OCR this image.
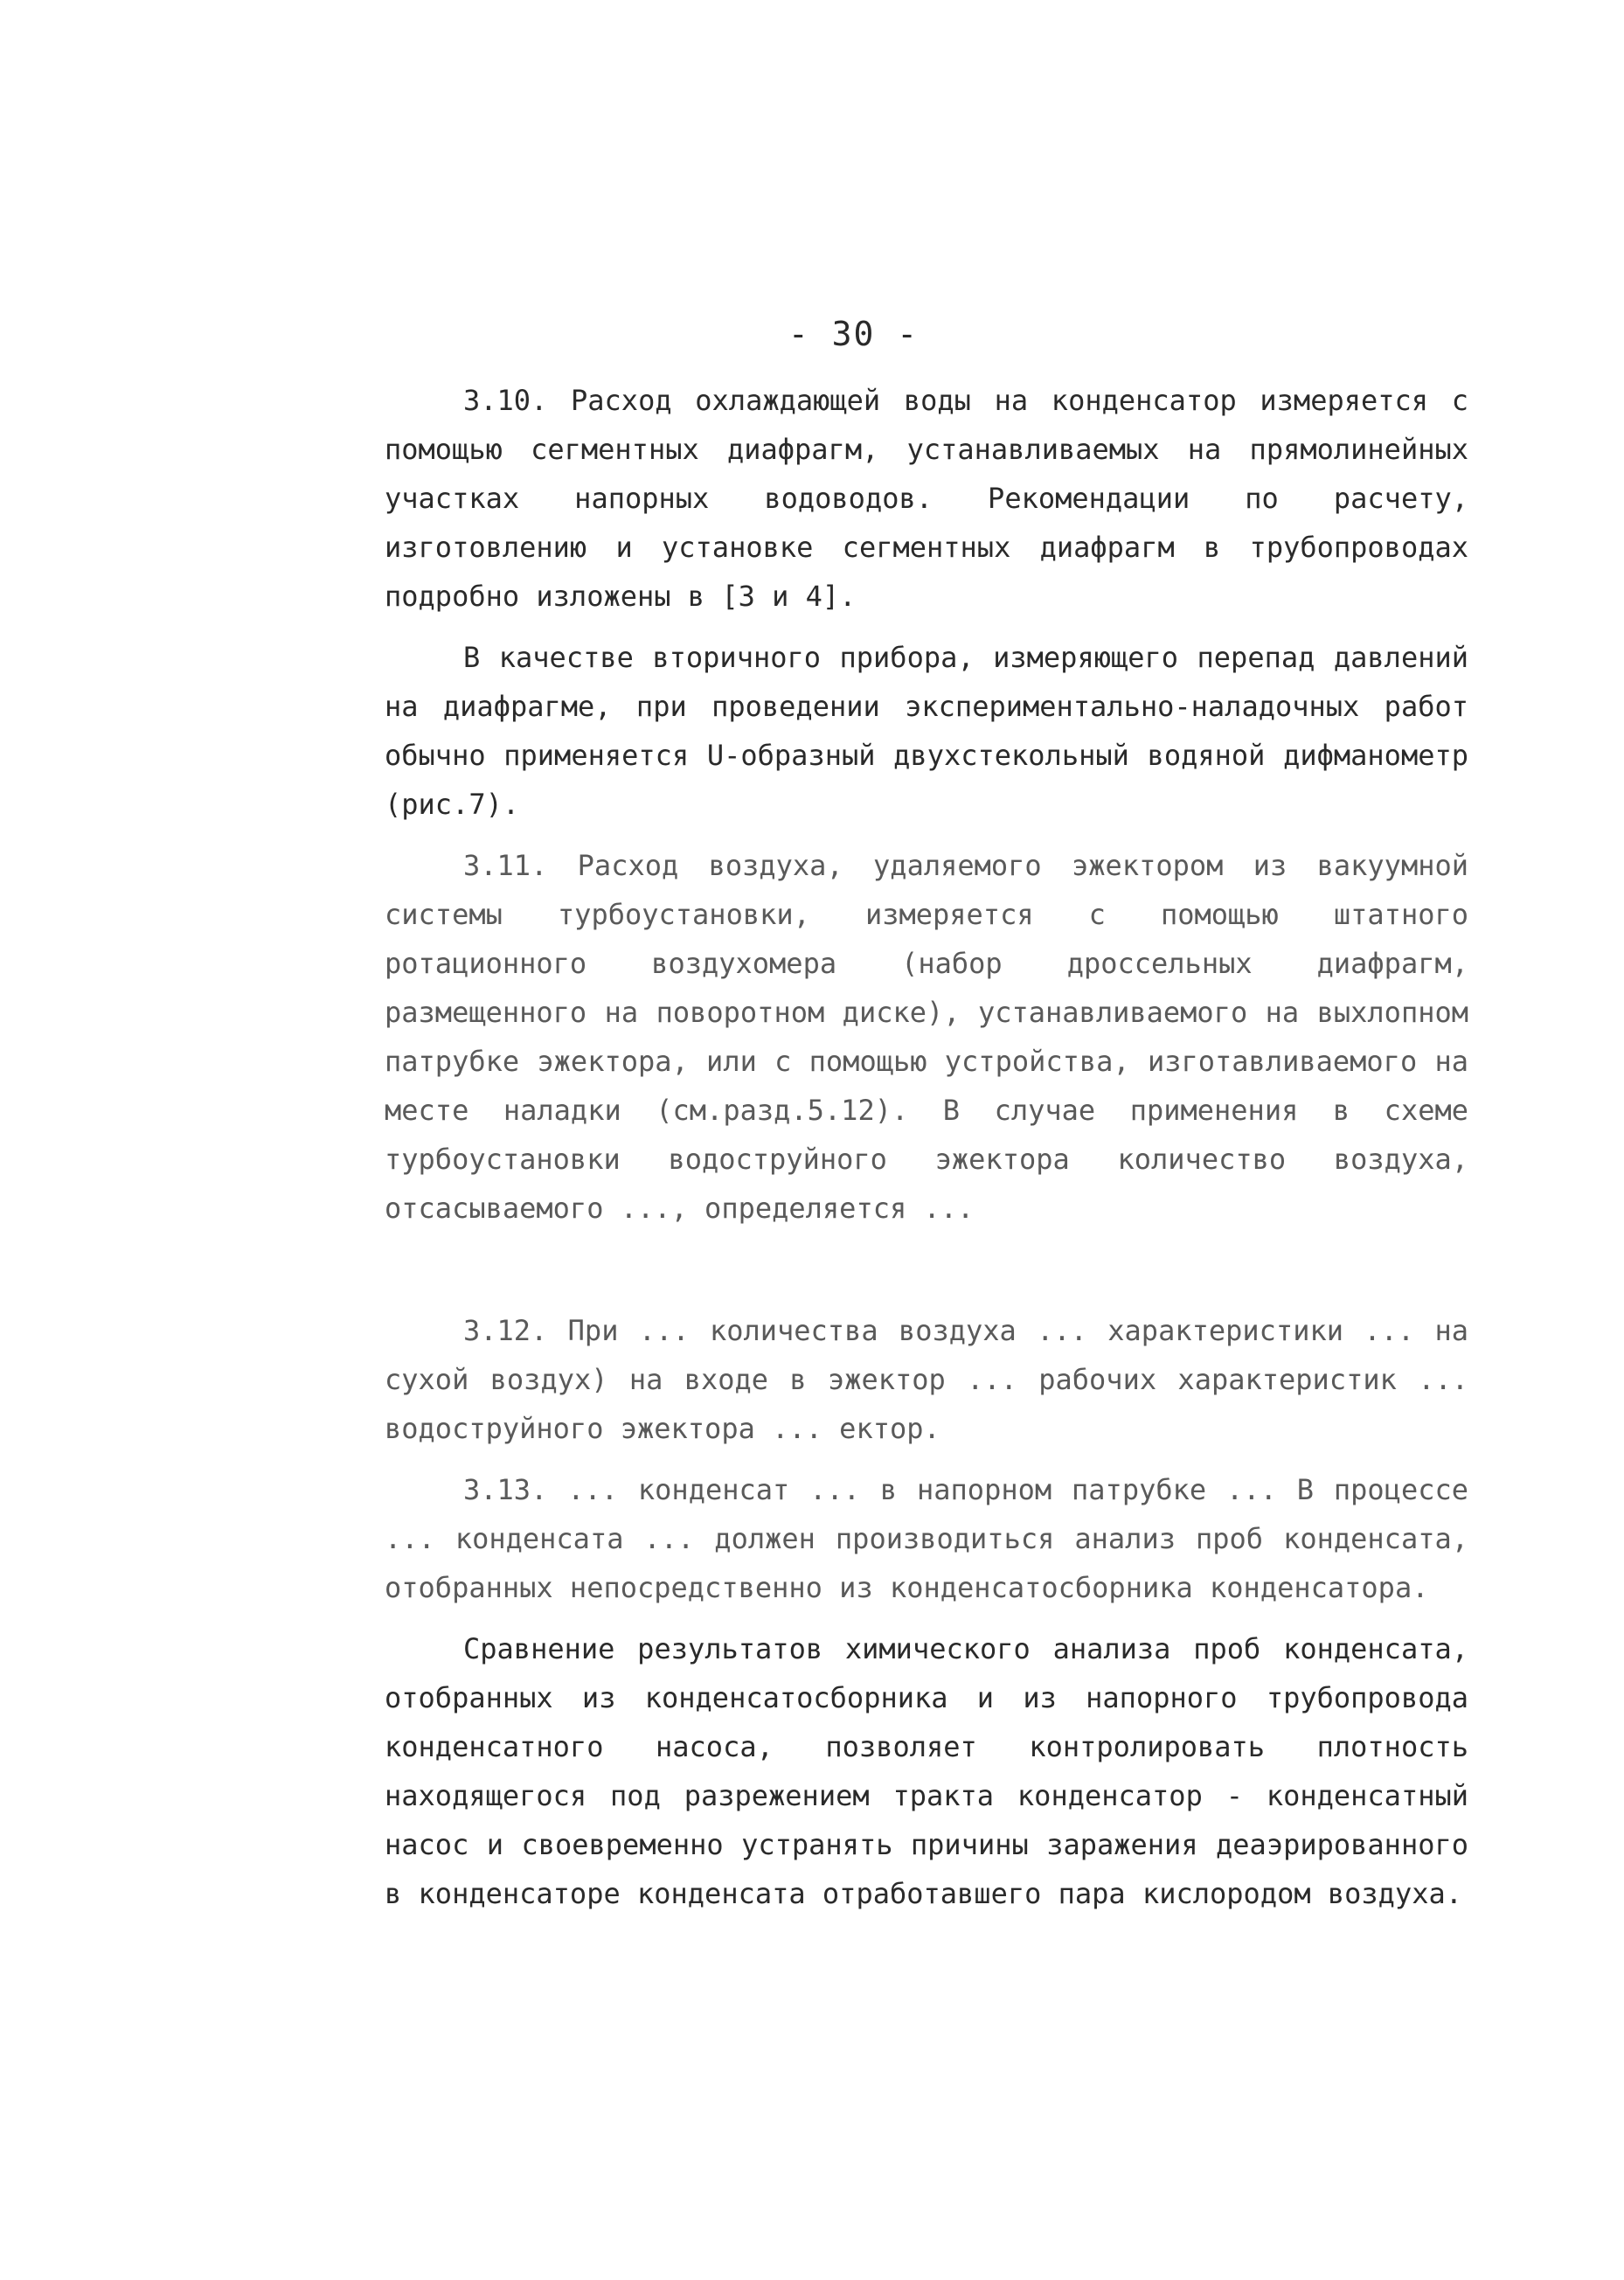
- 30 -

3.10. Расход охлаждающей воды на конденсатор измеряется с помощью сегментных диафрагм, устанавливаемых на прямолинейных участках напорных водоводов. Рекомендации по расчету, изготовлению и установке сегментных диафрагм в трубопроводах подробно изложены в [3 и 4].

В качестве вторичного прибора, измеряющего перепад давлений на диафрагме, при проведении экспериментально-наладочных работ обычно применяется U-образный двухстекольный водяной дифманометр (рис.7).

3.11. Расход воздуха, удаляемого эжектором из вакуумной системы турбоустановки, измеряется с помощью штатного ротационного воздухомера (набор дроссельных диафрагм, размещенного на поворотном диске), устанавливаемого на выхлопном патрубке эжектора, или с помощью устройства, изготавливаемого на месте наладки (см.разд.5.12). В случае применения в схеме турбоустановки водоструйного эжектора количество воздуха, отсасываемого ..., определяется ...

3.12. При ... количества воздуха ... характеристики ... на сухой воздух) на входе в эжектор ... рабочих характеристик ... водоструйного эжектора ... ектор.

3.13. ... конденсат ... в напорном патрубке ... В процессе ... конденсата ... должен производиться анализ проб конденсата, отобранных непосредственно из конденсатосборника конденсатора.

Сравнение результатов химического анализа проб конденсата, отобранных из конденсатосборника и из напорного трубопровода конденсатного насоса, позволяет контролировать плотность находящегося под разрежением тракта конденсатор - конденсатный насос и своевременно устранять причины заражения деаэрированного в конденсаторе конденсата отработавшего пара кислородом воздуха.
